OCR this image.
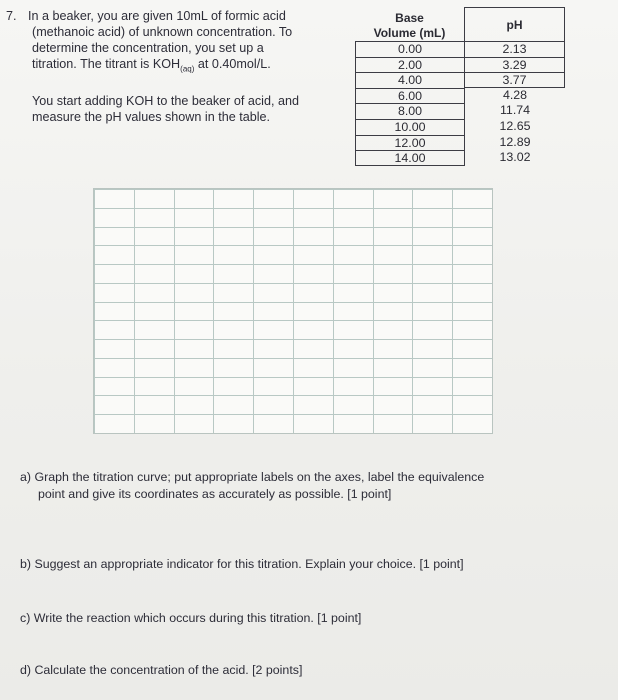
7. In a beaker, you are given 10mL of formic acid

(methanoic acid) of unknown concentration. To

determine the concentration, you set up a

titration. The titrant is $KOH_{(aq)}$ at 0.40mol/L.

You start adding KOH to the beaker of acid, and

measure the pH values shown in the table.

Base
Volume (mL)
pH
0.00
2.00
4.00
6.00
8.00
10.00
12.00
14.00
2.13
3.29
3.77
4.28
11.74
12.65
12.89
13.02
a) Graph the titration curve; put appropriate labels on the axes, label the equivalence
point and give its coordinates as accurately as possible. [1 point]
b) Suggest an appropriate indicator for this titration. Explain your choice. [1 point]
c) Write the reaction which occurs during this titration. [1 point]
d) Calculate the concentration of the acid. [2 points]
